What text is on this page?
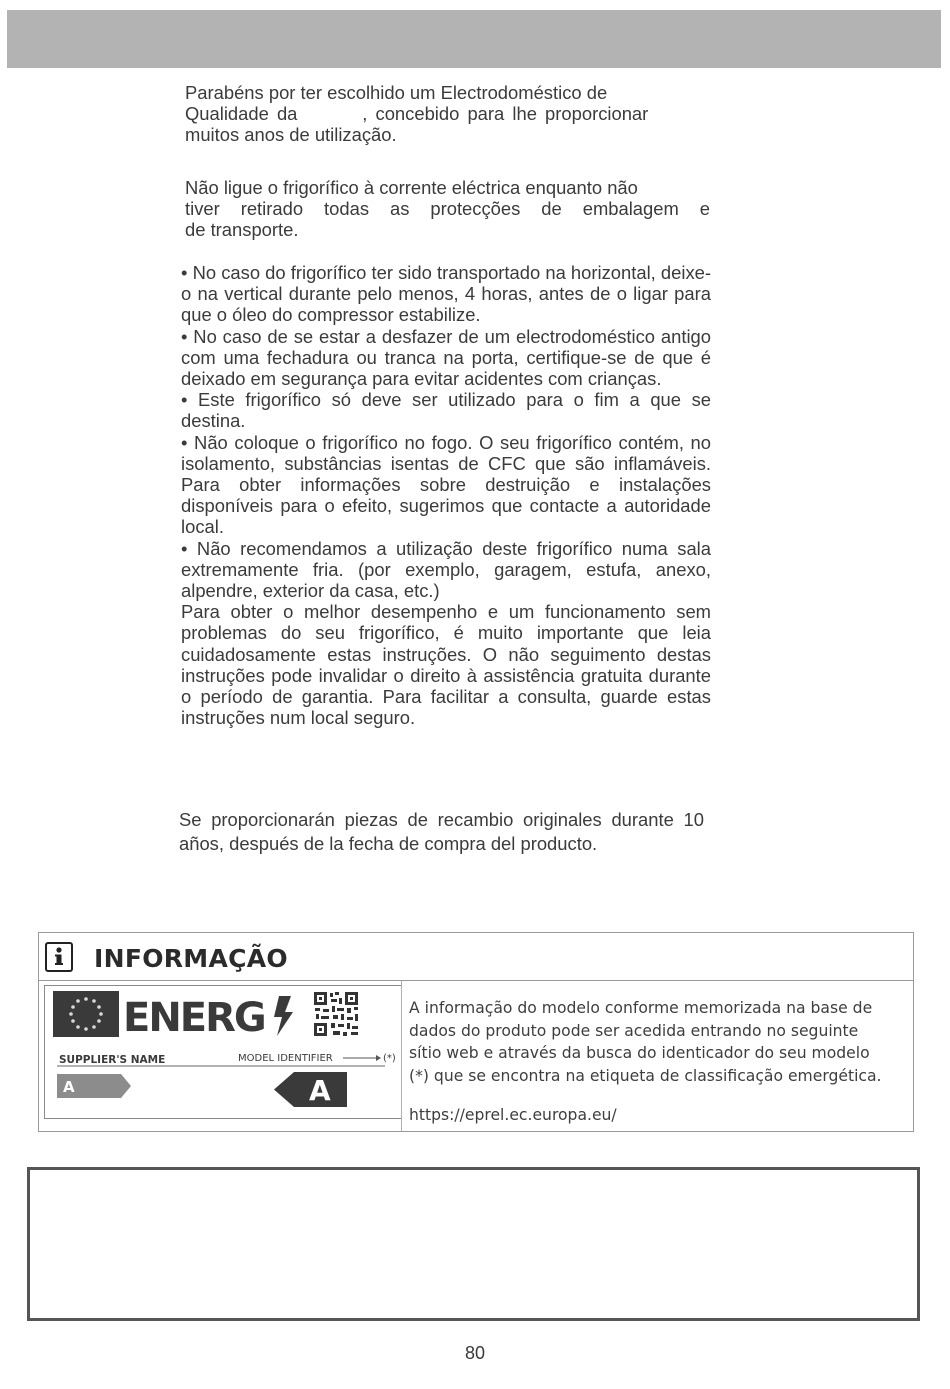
Parabéns por ter escolhido um Electrodoméstico de
Qualidade da        , concebido para lhe proporcionar
muitos anos de utilização.

Não ligue o frigorífico à corrente eléctrica enquanto não
tiver retirado todas as protecções de embalagem e
de transporte.

• No caso do frigorífico ter sido transportado na horizontal, deixe-o na vertical durante pelo menos, 4 horas, antes de o ligar para que o óleo do compressor estabilize.
• No caso de se estar a desfazer de um electrodoméstico antigo com uma fechadura ou tranca na porta, certifique-se de que é deixado em segurança para evitar acidentes com crianças.
• Este frigorífico só deve ser utilizado para o fim a que se destina.
• Não coloque o frigorífico no fogo. O seu frigorífico contém, no isolamento, substâncias isentas de CFC que são inflamáveis. Para obter informações sobre destruição e instalações disponíveis para o efeito, sugerimos que contacte a autoridade local.
• Não recomendamos a utilização deste frigorífico numa sala extremamente fria. (por exemplo, garagem, estufa, anexo, alpendre, exterior da casa, etc.)
Para obter o melhor desempenho e um funcionamento sem problemas do seu frigorífico, é muito importante que leia cuidadosamente estas instruções. O não seguimento destas instruções pode invalidar o direito à assistência gratuita durante o período de garantia. Para facilitar a consulta, guarde estas instruções num local seguro.

Se proporcionarán piezas de recambio originales durante 10 años, después de la fecha de compra del producto.

INFORMAÇÃO
ENERG
SUPPLIER'S NAME	MODEL IDENTIFIER	(*)
A	A
A informação do modelo conforme memorizada na base de
dados do produto pode ser acedida entrando no seguinte
sítio web e através da busca do identicador do seu modelo
(*) que se encontra na etiqueta de classificação emergética.
https://eprel.ec.europa.eu/
80
